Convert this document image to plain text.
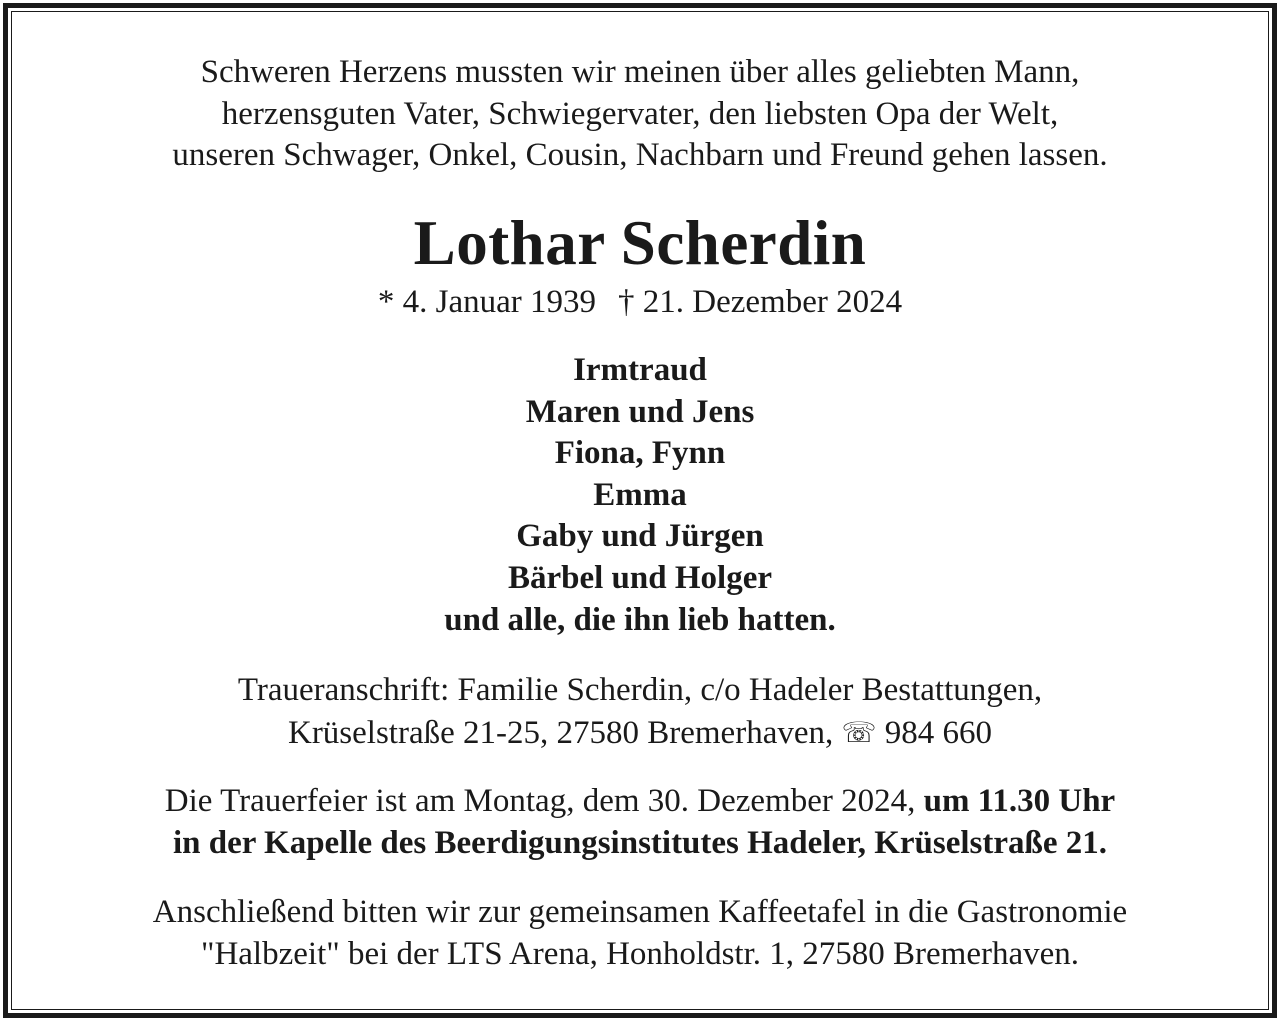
Schweren Herzens mussten wir meinen über alles geliebten Mann,
herzensguten Vater, Schwiegervater, den liebsten Opa der Welt,
unseren Schwager, Onkel, Cousin, Nachbarn und Freund gehen lassen.
Lothar Scherdin
* 4. Januar 1939 † 21. Dezember 2024
Irmtraud
Maren und Jens
Fiona, Fynn
Emma
Gaby und Jürgen
Bärbel und Holger
und alle, die ihn lieb hatten.
Traueranschrift: Familie Scherdin, c/o Hadeler Bestattungen,
Krüselstraße 21-25, 27580 Bremerhaven, ☏ 984 660
Die Trauerfeier ist am Montag, dem 30. Dezember 2024, um 11.30 Uhr
in der Kapelle des Beerdigungsinstitutes Hadeler, Krüselstraße 21.
Anschließend bitten wir zur gemeinsamen Kaffeetafel in die Gastronomie
"Halbzeit" bei der LTS Arena, Honholdstr. 1, 27580 Bremerhaven.
